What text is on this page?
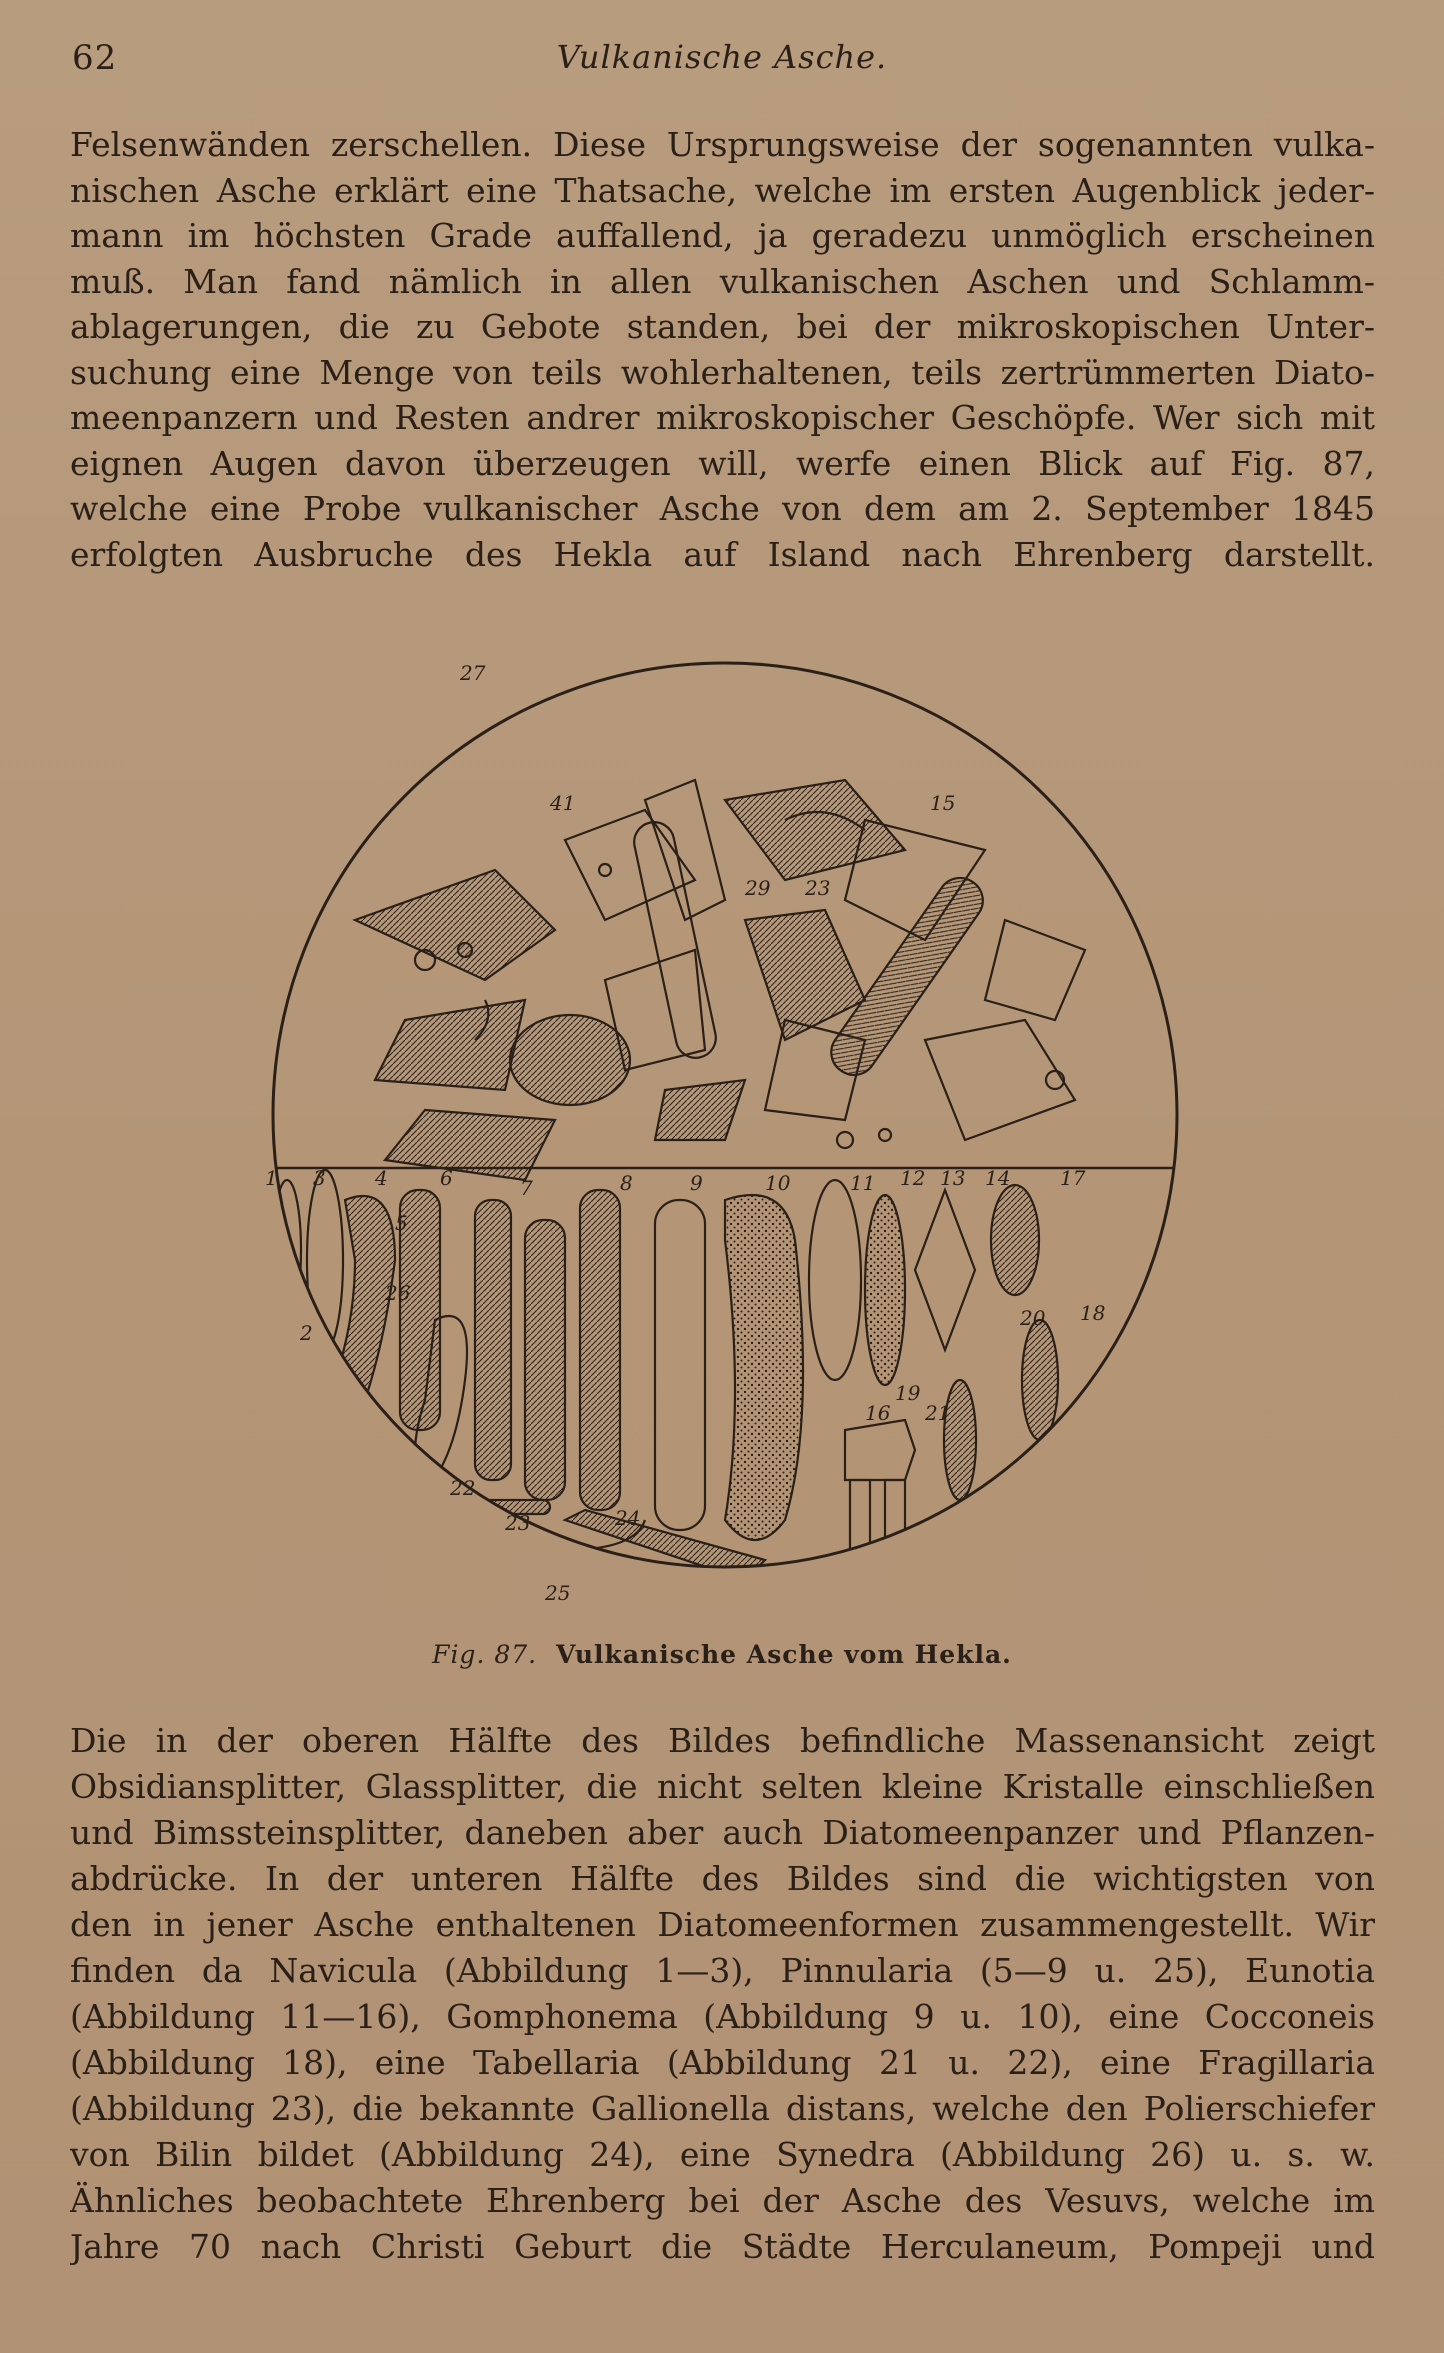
62	Vulkanische Asche.
Felsenwänden zerschellen. Diese Ursprungsweise der sogenannten vulka-
nischen Asche erklärt eine Thatsache, welche im ersten Augenblick jeder-
mann im höchsten Grade auffallend, ja geradezu unmöglich erscheinen
muß. Man fand nämlich in allen vulkanischen Aschen und Schlamm-
ablagerungen, die zu Gebote standen, bei der mikroskopischen Unter-
suchung eine Menge von teils wohlerhaltenen, teils zertrümmerten Diato-
meenpanzern und Resten andrer mikroskopischer Geschöpfe. Wer sich mit
eignen Augen davon überzeugen will, werfe einen Blick auf Fig. 87,
welche eine Probe vulkanischer Asche von dem am 2. September 1845
erfolgten Ausbruche des Hekla auf Island nach Ehrenberg darstellt.
27
41	15
29 23
1 3
2
4
5
6	7	8	9	10	11 12 13 14 17
18
20
19
16 21
22
23	24
25
26
Fig. 87. Vulkanische Asche vom Hekla.
Die in der oberen Hälfte des Bildes befindliche Massenansicht zeigt
Obsidiansplitter, Glassplitter, die nicht selten kleine Kristalle einschließen
und Bimssteinsplitter, daneben aber auch Diatomeenpanzer und Pflanzen-
abdrücke. In der unteren Hälfte des Bildes sind die wichtigsten von
den in jener Asche enthaltenen Diatomeenformen zusammengestellt. Wir
finden da Navicula (Abbildung 1—3), Pinnularia (5—9 u. 25), Eunotia
(Abbildung 11—16), Gomphonema (Abbildung 9 u. 10), eine Cocconeis
(Abbildung 18), eine Tabellaria (Abbildung 21 u. 22), eine Fragillaria
(Abbildung 23), die bekannte Gallionella distans, welche den Polierschiefer
von Bilin bildet (Abbildung 24), eine Synedra (Abbildung 26) u. s. w.
Ähnliches beobachtete Ehrenberg bei der Asche des Vesuvs, welche im
Jahre 70 nach Christi Geburt die Städte Herculaneum, Pompeji und
